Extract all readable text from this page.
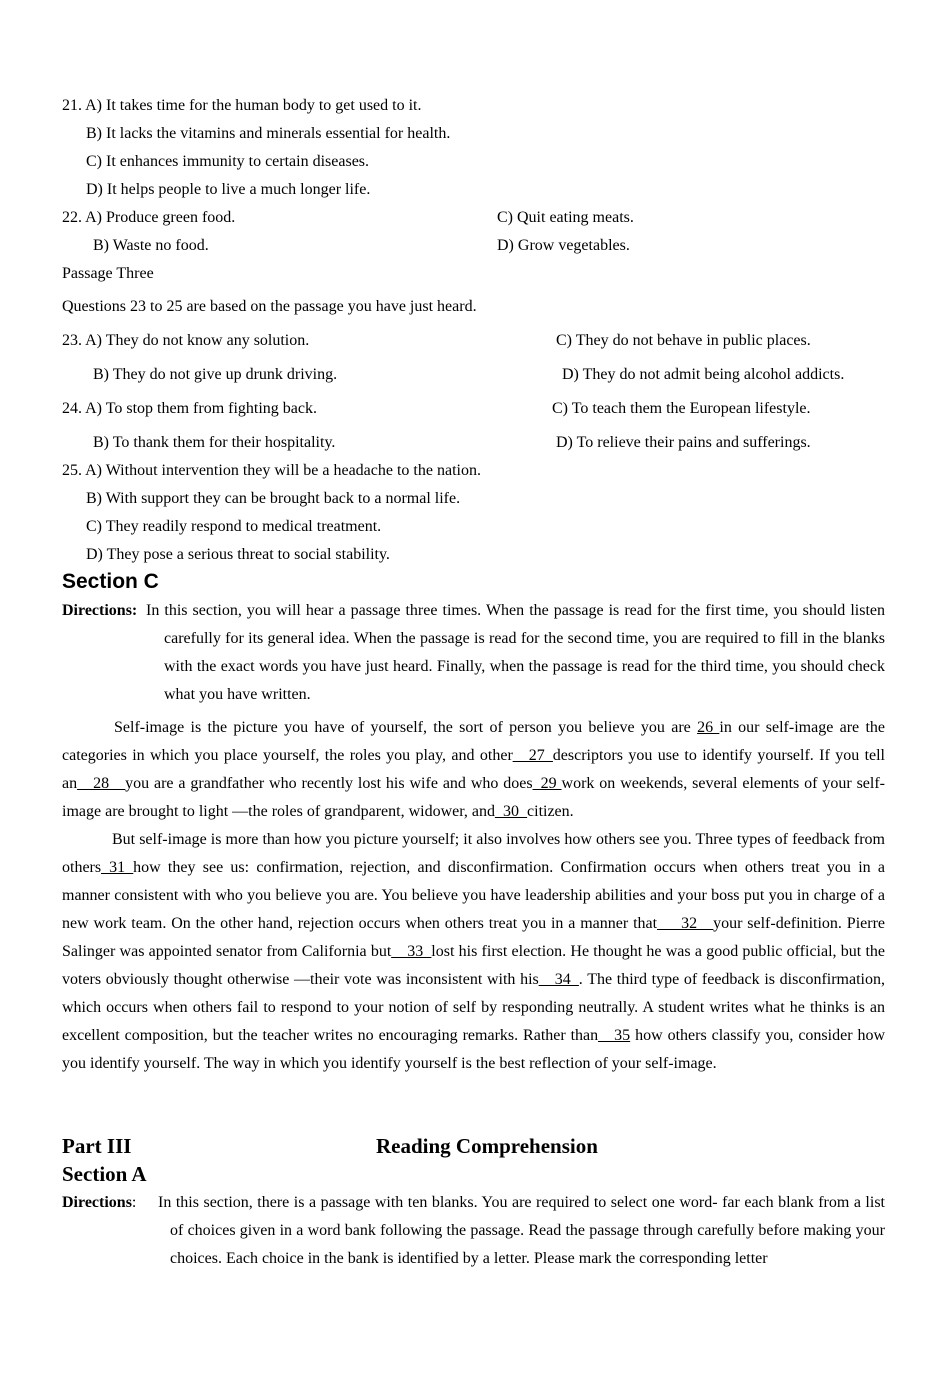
21. A) It takes time for the human body to get used to it.
B) It lacks the vitamins and minerals essential for health.
C) It enhances immunity to certain diseases.
D) It helps people to live a much longer life.
22. A) Produce green food.	C) Quit eating meats.
B) Waste no food.	D) Grow vegetables.
Passage Three
Questions 23 to 25 are based on the passage you have just heard.
23. A) They do not know any solution.	C) They do not behave in public places.
B) They do not give up drunk driving.	D) They do not admit being alcohol addicts.
24. A) To stop them from fighting back.	C) To teach them the European lifestyle.
B) To thank them for their hospitality.	D) To relieve their pains and sufferings.
25. A) Without intervention they will be a headache to the nation.
B) With support they can be brought back to a normal life.
C) They readily respond to medical treatment.
D) They pose a serious threat to social stability.
Section C
Directions: In this section, you will hear a passage three times. When the passage is read for the first time, you should listen carefully for its general idea. When the passage is read for the second time, you are required to fill in the blanks with the exact words you have just heard. Finally, when the passage is read for the third time, you should check what you have written.

Self-image is the picture you have of yourself, the sort of person you believe you are 26 in our self-image are the categories in which you place yourself, the roles you play, and other__27_descriptors you use to identify yourself. If you tell an__28__you are a grandfather who recently lost his wife and who does_29 work on weekends, several elements of your self-image are brought to light —the roles of grandparent, widower, and_30_citizen.

But self-image is more than how you picture yourself; it also involves how others see you. Three types of feedback from others_31_how they see us: confirmation, rejection, and disconfirmation. Confirmation occurs when others treat you in a manner consistent with who you believe you are. You believe you have leadership abilities and your boss put you in charge of a new work team. On the other hand, rejection occurs when others treat you in a manner that___32__your self-definition. Pierre Salinger was appointed senator from California but__33_lost his first election. He thought he was a good public official, but the voters obviously thought otherwise —their vote was inconsistent with his__34_. The third type of feedback is disconfirmation, which occurs when others fail to respond to your notion of self by responding neutrally. A student writes what he thinks is an excellent composition, but the teacher writes no encouraging remarks. Rather than__35 how others classify you, consider how you identify yourself. The way in which you identify yourself is the best reflection of your self-image.

Part III	Reading Comprehension
Section A
Directions: In this section, there is a passage with ten blanks. You are required to select one word- far each blank from a list of choices given in a word bank following the passage. Read the passage through carefully before making your choices. Each choice in the bank is identified by a letter. Please mark the corresponding letter
